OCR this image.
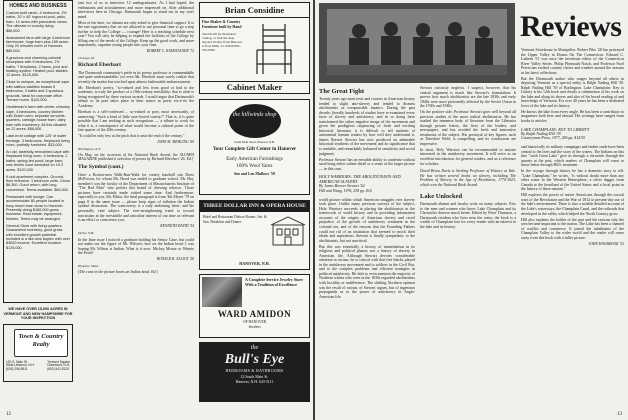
HOMES AND BUSINESS

Custom-built ranch, 4 bedrooms, 2½ baths, 20' x 40' inground pool, patio, barn. 14 acres with panoramic views. The ultimate in country living. $88,000.

Abandoned farm with large 4-bedroom farmhouse, huge barn plus 165 acres. Only 20 minutes north of Hanover. $85,000.

A gracious and charming colonial showplace with 5 bedrooms, 2½ baths, 7 fireplaces, 2 barns, pool and heating system. Heated pool, stables, 12 acres. $125,000.

Close to campus, an exceptional cape with saltbox addition boasts 5 bedrooms, 3 baths and 3 spacious grounds. Ideal for corporate office. Terrace home. $120,000.

Gentleman's farm with center-chimney cape, 4 bedrooms, country kitchen with Dutch oven, separate servants quarters, carriage-house barn, dairy barn with machinery. All this situated on 22 acres. $88,000.

Lake-front cottage with 125' of water frontage. 3 bedrooms, fireplaced living room, partially furnished. $33,000.

An old, tastefully-remodeled cape with fireplaced living room, 4 bedrooms, 2 baths, spring-fed pond, large barn, new tennis court secluded on 15.3 acres. $120,000.

9-unit apartment complex. Ground-floor entrance. 1 bedroom units. Gross $6,300. Good return, with long conversion. Terms available. $65,000.

Restaurant with lounge. Can accommodate 80 people located in busy resort town close to Hanover. Presently doing $180,000 gross business. Real estate, equipment, fixtures. Terms may be arranged.

General Store with living quarters. Guaranteed inventory, good gross with excellent growth potential. Included is a like-new duplex with over $3000 income. Excellent location. $125,000.

WE HAVE OVER 15,000 ACRES IN VERMONT AND NEW HAMPSHIRE FOR YOUR INSPECTION
Town & Country Realty
120 S. Main St.
West Lebanon, N.H.
(603) 298-8911
Tremont Square
Claremont, N.H.
(603) 542-5120

tant two of us to interview 12 undergraduates. As I had hoped, the enthusiasm and articulateness and more impressed on. After additional interviews here in Chicago, Dartmouth began to stand out in my son's mind.

Most of the time, we alumni are only asked to give financial support. It is the rare opportunity that we are allowed to use personal time to go a step further to help the College — courage! Here is a teaching schedule next year? You will only be helping to expand the facilities of the College by filling one of the needs of the College. Keep up the good work, and more importantly, organize young people into your firm.

ROBERT C. KAMSTAUSER '72
Chicago, Ill.
Richard Eberhart

The Dartmouth community's pride in its poetry professor is commendable and quite understandable; yet even Mr. Eberhart must surely realize that recently the matter has touched upon almost fashionable embarrassment.

Mr. Eberhart's poetry, "so-valued and less from good or bad to the academic, is truly the product of a 19th-century sensibility; that is what is being recognized by these various awards. I would argue that Dartmouth's tribute to its poet takes place in their stance as poets vis-a-vis the Academy.

Eberhart is a self-confessed ... so-valued or poet, most necessarily, of unnerving: "Such a kind of little sure-footed variety?" That is, it is quite possible that I am seeking in such recognition — a tribute to work for what it is, a consequence of what would become a cultural poem of the late quarter of the 20th century.

"It could be only few at the pitch that is near the end of the century."

JOHN M. MEHLING '69
Huntington, N.Y.

On May, on the occasion of his National Book Award, the ALUMNI MAGAZINE published a selection of poems by Richard Eberhart '26. Ed.]

The Symbol (cont.)

Once a Boston-area Walk-Run-Walk for varsity baseball star Doris McPerson, for whom Mr. Hood was ended to graduate school. Mr. Hoy member's son the faculty of the Department of Massachusetts Institute of "The Red Man" who prefers this brand of chewing tobacco. Those pictures have certainly made visited some time. And furthermore, especially to you, Mr. Editor, the final paragraph is from 'Kit Meyer '79 on page 8 in the same issue — please keep signs of inflation the Indian symbol discussion. The controversy is a truly endearing letter, and his personally vital subject. The ever-strengthening trend to toward narcissism in the irresistible and articulate interest of our time as relevant is an effort or conscience you.

KENNETH DAVID '34
Derby, V.M.

In the June issue I noticed a graduate holding his Senior Cane, but could not make out the figure of Mr. Wilson's face on the Indian head. I was hoping Mr. Wilson is Indian. What is it now: Mickey Mouse or Winnie the Pooh?

RONALD K. ELLIOT '28
Hyannis, Mass.

(The cane in the picture bears an Indian head. Ed.)

Brian Considine
Fine Shaker & Country Furniture built by Hand
Send $1.00 for illustrated catalog, or visit the shop beyond 20 min. from Hanover to Post Mills, Vt. 05058 802-333-9596
Cabinet Maker
the hillwinds shop
South Main Street, Hanover, N.H.
Your Complete Gift Center in Hanover
Early American Furnishings
100% Wool Yarns
Sue and Len Mallows '50
THREE DOLLAR INN & OPERA HOUSE
Hotel and Restaurant Deluxe Rooms, Sat. & Sun. Breakfast and Dinner
HANOVER, N.H.
A Complete Service Jewelry Store With a Tradition of Excellence
WARD AMIDON
OF HANOVER
Jewelers
the
Bull's Eye
BEDROOMS & BATHROOMS
22 South Main St.
Hanover, N.H. 643-3111
12
Reviews
The Great Fight

Twenty years ago most texts and courses in American history tended to slight anti-slavery and tended to dismiss abolitionists as irresponsible fanatics. During the past decade, literally hundreds of studies have re-examined every facet of slavery and antislavery, and in so doing have transformed the rather negative image of the movement and given the prodigious outpouring of fresh and exciting historical literature, it is difficult to tell students of unessential layman readers by how well they understand it, James Brewer Stewart has now produced an admirable historical synthesis of the movement and its significance that is readable, and remarkably balanced in sensitivity and social judgment.

Professor Stewart has an enviable ability to condense without sacrificing either salient detail or a sense of the larger picture — in this case,

HOLY WARRIORS: THE ABOLITIONISTS AND AMERICAN SLAVERY
By James Brewer Stewart '62
Hill and Wang, 1976, 238 pp. $10

world picture within which American struggles over slavery took place. Unlike many previous surveys of the subject, Holy Warriors succeeds in placing the abolitionists in the framework of world history and in providing information accounts of the origins of American slavery and racial prejudice, of the growth of antislavery sentiment in the colonial era, and of the reasons that the Founding Fathers could not rid of an institution that seemed to mock their ideals and aspirations. Stewart is finally sympathetic to the abolitionists, but not uncritical.

But this was essentially a history of immediatism in its religious and political phases, not a history of slavery in American life. Although Stewart devotes considerable attention to racism, he is critical with that free blacks played in the antislavery movement and to soldiers in the Civil War, and to the complex problems and efficient strategies in political antislavery. He fails to even mention the majority of Northern whites who were in the 1830s regarded abolitionists with hostility or indifference. The shifting Northern opinion was the result of racism, of Stewart argues, but of ingenious propaganda as to the power of antislavery in Anglo-American life.

Stewart curiously neglects. I suspect, however, that his central argument is much like Stewart's formulation: It proves how much abolitionists are the late 1830s and early 1840s were most profoundly affected by the Soviet Union in the 1930s and 1940s.

On the positive side, Professor Stewart goes well beyond all previous studies of the more radical abolitionists. He has studied the immense body of literature from the Liberator through private letters, the lives of the leaders, and newspapers, and has avoided the fresh and innovative treatments of the subject. His portrayal of key figures, such as Theodore Weld, is compelling, and its conclusions are impressive.

In short, Holy Warriors can be recommended to anyone interested in the antislavery movement. It will serve as an excellent introduction for general readers, and as a reference for scholars.

David Brion Davis is Sterling Professor of History at Yale. He has written several books on slavery, including The Problem of Slavery in the Age of Revolution, 1770-1823, which won the National Book Award.

Lake Unlocked

Dartmouth alumni and faculty write on many subjects. Few to the men and women who know Lake Champlain and its Chronicles deserve much better. Edited by Peter Thomson, a Dartmouth resident who lives near the water, the book is a wealth of Champlain lore for every reader with an interest in the lake and its history.

Vermont Storehouse in Montpelier. Robert Pike '28 has portrayed the Upper Valley in Drums On The Connecticut. Edward C. Lathem '51 was once the inveterate editor of the Connecticut River Valley Series. Philip Plymouth Notch, and Professor Noel Perrin has evoked country chores and weather around the seasons in his latest collections.

But the Dartmouth author who ranges beyond all others in depicting Vermont as a special entity is Ralph Nading Hill '39. Ralph Nading Hill '39 of Burlington. Lake Champlain: Key to Liberty is his 12th book and clearly a culmination of his work on the lake and along its shores and also of his broad reading of and knowledge of Vermont. For over 40 years he has been a dedicated lover of the lake and its history.

He knows the lake from every angle. He has been a contributor to magazines both here and abroad. His writings have ranged from books to articles.

LAKE CHAMPLAIN: KEY TO LIBERTY
By Ralph Nading Hill '39
Countryman Press, 1977, 296 pp. $14.95

and historically its military campaigns and timber trade have been central to the lives and the story of the waters. The Indians on this fine "sixth Great Lake" give us through a chronicle through the quarter at the past, which readers of Champlain will come to know better through Hill's treatment.

In the voyage through history he has a dramatic story to tell. "Lake Champlain," he writes, "is without doubt more than any other water in the Western Hemisphere, a silver dagger from Canada to the heartland of the United States and a focal point in the history of these nations."

Hill explores the power of native Americans through the crucial wars of the Revolution and the War of 1812 to present-day use of the lake's environment. There is also a notable detailed account of the Lake's waterways, the Champlain Canal, and the railroads that developed in the valley which helped the North Country grow.

Hill also explains the battles of the past and the reasons why the area became important to the nation. The Lake has been a channel of conflict and commerce. It joined the inhabitants of the Champlain Valley to the wider world and the reader will come away from this book with a fuller picture.

JOHN HOLBROOK '32
13
